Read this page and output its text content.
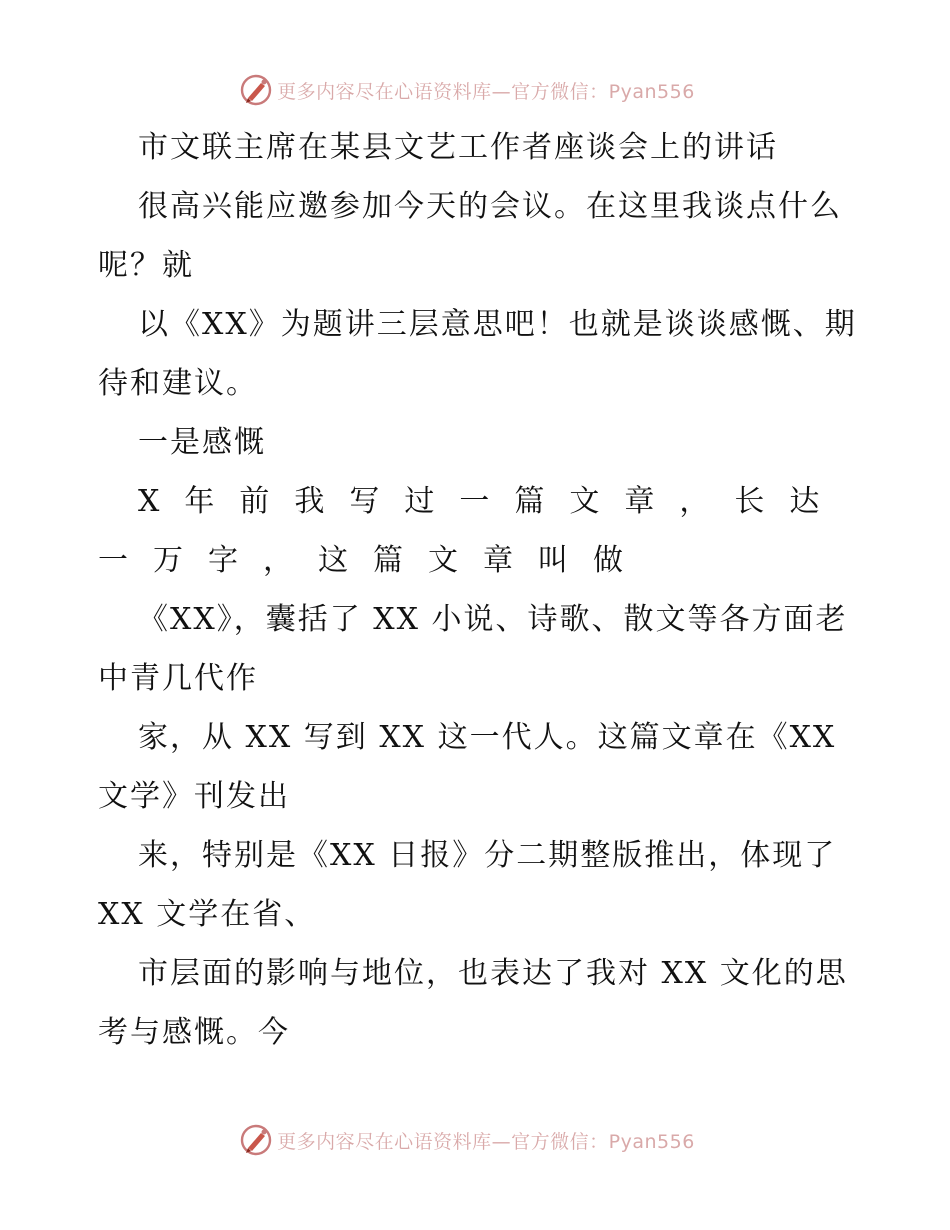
更多内容尽在心语资料库—官方微信：Pyan556

市文联主席在某县文艺工作者座谈会上的讲话

很高兴能应邀参加今天的会议。在这里我谈点什么呢？就

以《XX》为题讲三层意思吧！也就是谈谈感慨、期待和建议。

一是感慨

X年前我写过一篇文章，长达一万字，这篇文章叫做

《XX》，囊括了 XX 小说、诗歌、散文等各方面老中青几代作

家，从 XX 写到 XX 这一代人。这篇文章在《XX 文学》刊发出

来，特别是《XX 日报》分二期整版推出，体现了 XX 文学在省、

市层面的影响与地位，也表达了我对 XX 文化的思考与感慨。今

更多内容尽在心语资料库—官方微信：Pyan556
